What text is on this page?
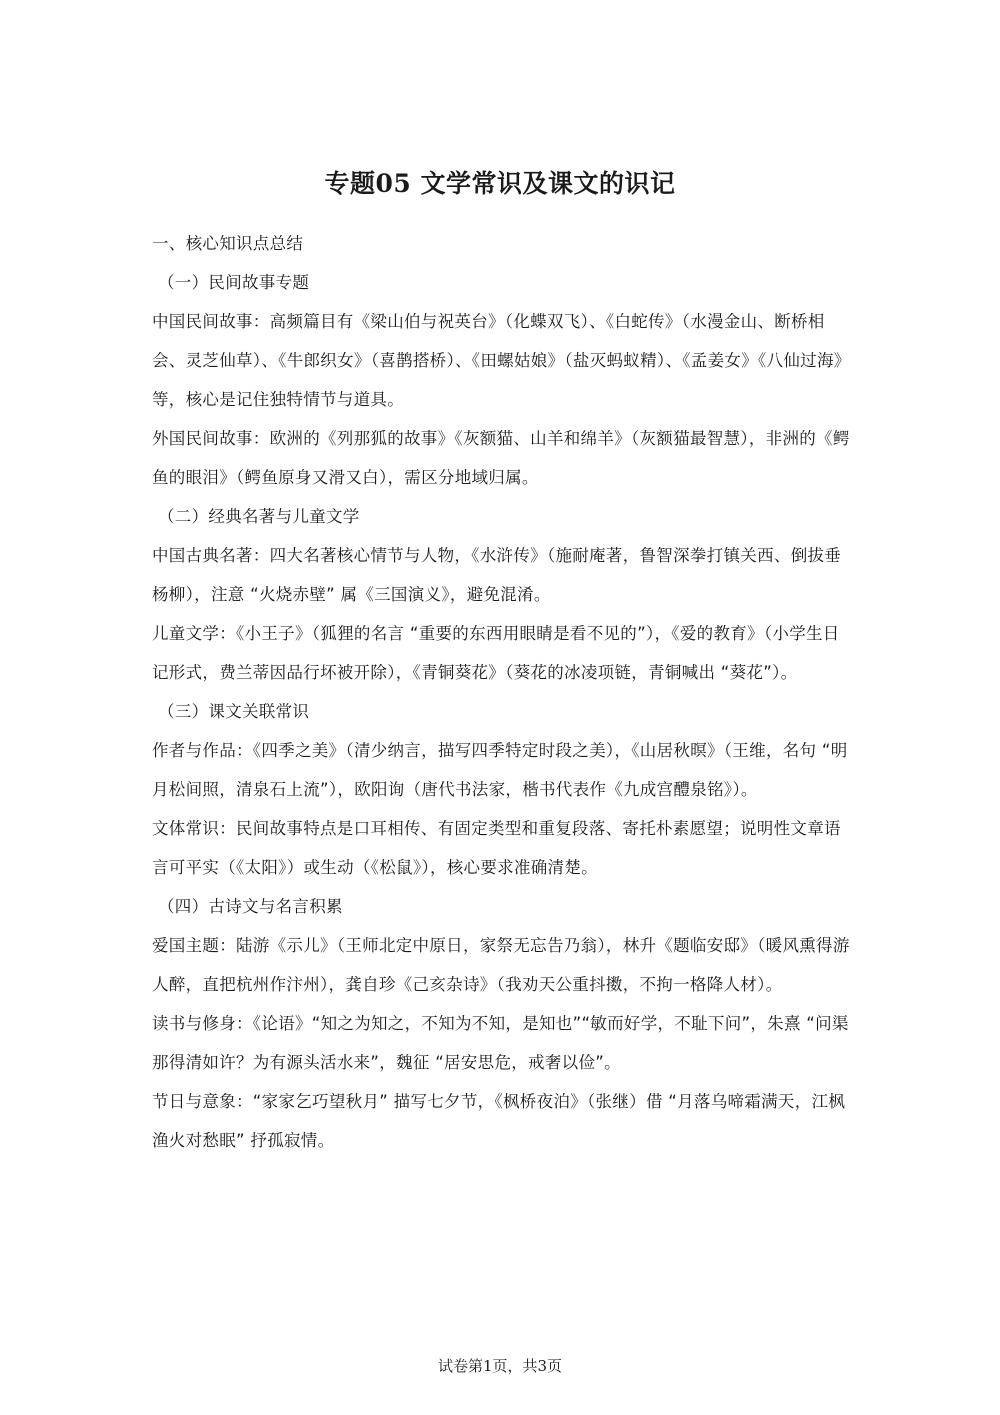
专题05 文学常识及课文的识记

一、核心知识点总结

（一）民间故事专题

中国民间故事：高频篇目有《梁山伯与祝英台》（化蝶双飞）、《白蛇传》（水漫金山、断桥相会、灵芝仙草）、《牛郎织女》（喜鹊搭桥）、《田螺姑娘》（盐灭蚂蚁精）、《孟姜女》《八仙过海》等，核心是记住独特情节与道具。

外国民间故事：欧洲的《列那狐的故事》《灰额猫、山羊和绵羊》（灰额猫最智慧），非洲的《鳄鱼的眼泪》（鳄鱼原身又滑又白），需区分地域归属。

（二）经典名著与儿童文学

中国古典名著：四大名著核心情节与人物，《水浒传》（施耐庵著，鲁智深拳打镇关西、倒拔垂杨柳），注意 “火烧赤壁” 属《三国演义》，避免混淆。

儿童文学：《小王子》（狐狸的名言 “重要的东西用眼睛是看不见的”），《爱的教育》（小学生日记形式，费兰蒂因品行坏被开除），《青铜葵花》（葵花的冰凌项链，青铜喊出 “葵花”）。

（三）课文关联常识

作者与作品：《四季之美》（清少纳言，描写四季特定时段之美），《山居秋暝》（王维，名句 “明月松间照，清泉石上流”），欧阳询（唐代书法家，楷书代表作《九成宫醴泉铭》）。

文体常识：民间故事特点是口耳相传、有固定类型和重复段落、寄托朴素愿望；说明性文章语言可平实（《太阳》）或生动（《松鼠》），核心要求准确清楚。

（四）古诗文与名言积累

爱国主题：陆游《示儿》（王师北定中原日，家祭无忘告乃翁），林升《题临安邸》（暖风熏得游人醉，直把杭州作汴州），龚自珍《己亥杂诗》（我劝天公重抖擞，不拘一格降人材）。

读书与修身：《论语》“知之为知之，不知为不知，是知也”“敏而好学，不耻下问”，朱熹 “问渠那得清如许？为有源头活水来”，魏征 “居安思危，戒奢以俭”。

节日与意象：“家家乞巧望秋月” 描写七夕节，《枫桥夜泊》（张继）借 “月落乌啼霜满天，江枫渔火对愁眠” 抒孤寂情。

试卷第1页，共3页
